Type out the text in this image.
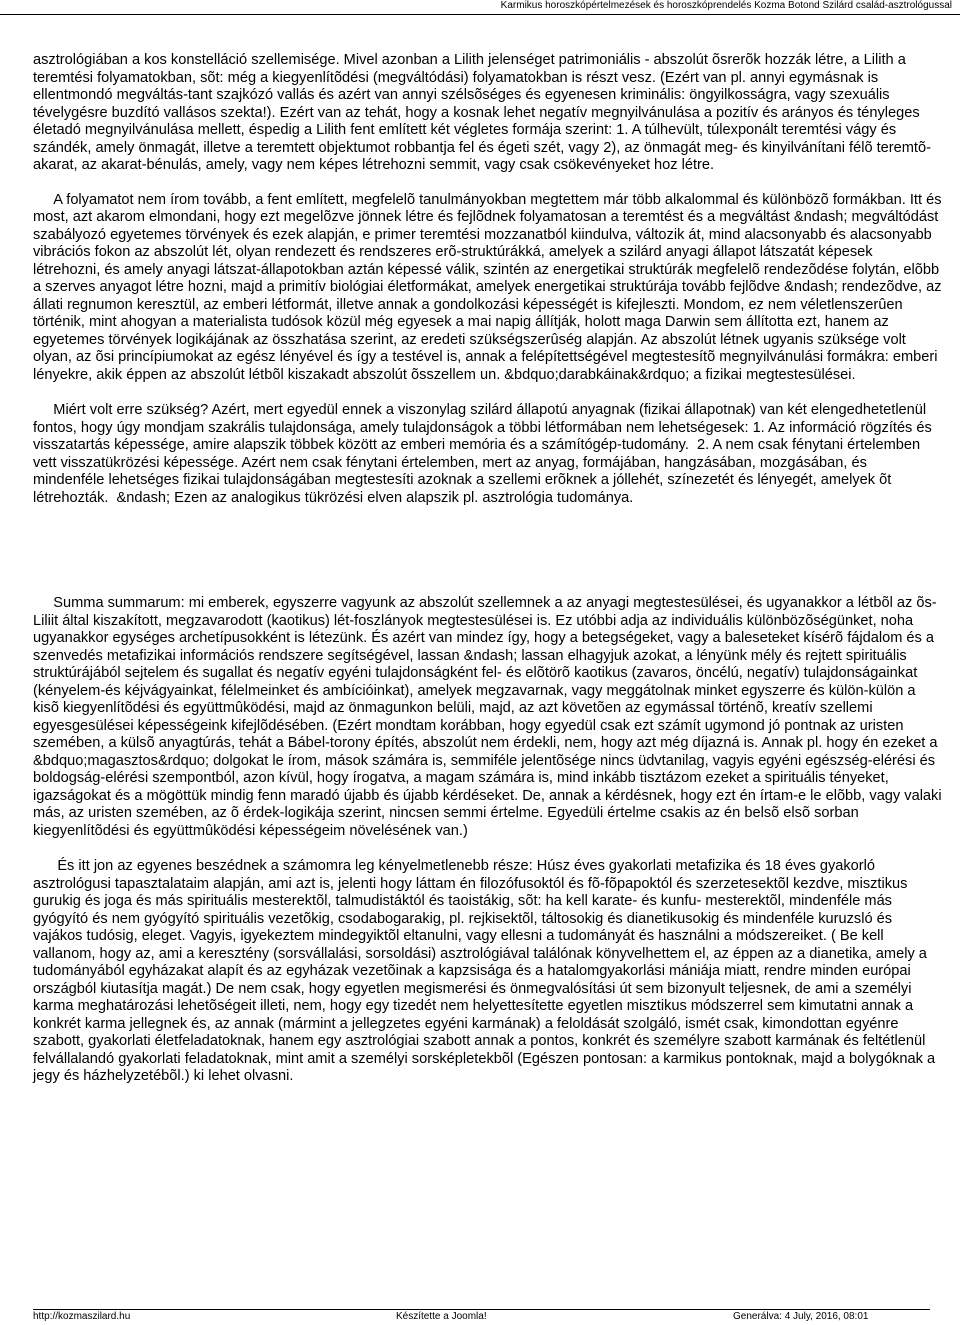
Karmikus horoszkópértelmezések és horoszkóprendelés Kozma Botond Szilárd család-asztrológussal

asztrológiában a kos konstelláció szellemisége. Mivel azonban a Lilith jelenséget patrimoniális - abszolút õsrerõk hozzák létre, a Lilith a teremtési folyamatokban, sõt: még a kiegyenlítõdési (megváltódási) folyamatokban is részt vesz. (Ezért van pl. annyi egymásnak is ellentmondó megváltás-tant szajkózó vallás és azért van annyi szélsõséges és egyenesen kriminális: öngyilkosságra, vagy szexuális tévelygésre buzdító vallásos szekta!). Ezért van az tehát, hogy a kosnak lehet negatív megnyilvánulása a pozitív és arányos és tényleges életadó megnyilvánulása mellett, éspedig a Lilith fent említett két végletes formája szerint: 1. A túlhevült, túlexponált teremtési vágy és szándék, amely önmagát, illetve a teremtett objektumot robbantja fel és égeti szét, vagy 2), az önmagát meg- és kinyilvánítani félõ teremtõ-akarat, az akarat-bénulás, amely, vagy nem képes létrehozni semmit, vagy csak csökevényeket hoz létre.

A folyamatot nem írom tovább, a fent említett, megfelelõ tanulmányokban megtettem már több alkalommal és különbözõ formákban. Itt és most, azt akarom elmondani, hogy ezt megelõzve jönnek létre és fejlõdnek folyamatosan a teremtést és a megváltást &ndash; megváltódást szabályozó egyetemes törvények és ezek alapján, e primer teremtési mozzanatból kiindulva, változik át, mind alacsonyabb és alacsonyabb vibrációs fokon az abszolút lét, olyan rendezett és rendszeres erõ-struktúrákká, amelyek a szilárd anyagi állapot látszatát képesek létrehozni, és amely anyagi látszat-állapotokban aztán képessé válik, szintén az energetikai struktúrák megfelelõ rendezõdése folytán, elõbb a szerves anyagot létre hozni, majd a primitív biológiai életformákat, amelyek energetikai struktúrája tovább fejlõdve &ndash; rendezõdve, az állati regnumon keresztül, az emberi létformát, illetve annak a gondolkozási képességét is kifejleszti. Mondom, ez nem véletlenszerûen történik, mint ahogyan a materialista tudósok közül még egyesek a mai napig állítják, holott maga Darwin sem állította ezt, hanem az egyetemes törvények logikájának az összhatása szerint, az eredeti szükségszerûség alapján. Az abszolút létnek ugyanis szüksége volt olyan, az õsi princípiumokat az egész lényével és így a testével is, annak a felépítettségével megtestesítõ megnyilvánulási formákra: emberi lényekre, akik éppen az abszolút létbõl kiszakadt abszolút õsszellem un. &bdquo;darabkáinak&rdquo; a fizikai megtestesülései.

Miért volt erre szükség? Azért, mert egyedül ennek a viszonylag szilárd állapotú anyagnak (fizikai állapotnak) van két elengedhetetlenül fontos, hogy úgy mondjam szakrális tulajdonsága, amely tulajdonságok a többi létformában nem lehetségesek: 1. Az információ rögzítés és visszatartás képessége, amire alapszik többek között az emberi memória és a számítógép-tudomány.  2. A nem csak fénytani értelemben vett visszatükrözési képessége. Azért nem csak fénytani értelemben, mert az anyag, formájában, hangzásában, mozgásában, és mindenféle lehetséges fizikai tulajdonságában megtestesíti azoknak a szellemi erõknek a jóllehét, színezetét és lényegét, amelyek õt létrehozták.  &ndash; Ezen az analogikus tükrözési elven alapszik pl. asztrológia tudománya.

Summa summarum: mi emberek, egyszerre vagyunk az abszolút szellemnek a az anyagi megtestesülései, és ugyanakkor a létbõl az õs-Liliit által kiszakított, megzavarodott (kaotikus) lét-foszlányok megtestesülései is. Ez utóbbi adja az individuális különbözõségünket, noha ugyanakkor egységes archetípusokként is létezünk. És azért van mindez így, hogy a betegségeket, vagy a baleseteket kísérõ fájdalom és a szenvedés metafizikai információs rendszere segítségével, lassan &ndash; lassan elhagyjuk azokat, a lényünk mély és rejtett spirituális struktúrájából sejtelem és sugallat és negatív egyéni tulajdonságként fel- és elõtörõ kaotikus (zavaros, öncélú, negatív) tulajdonságainkat (kényelem-és kéjvágyainkat, félelmeinket és ambícióinkat), amelyek megzavarnak, vagy meggátolnak minket egyszerre és külön-külön a kisõ kiegyenlítõdési és együttmûködési, majd az önmagunkon belüli, majd, az azt követõen az egymással történõ, kreatív szellemi egyesgesülései képességeink kifejlõdésében. (Ezért mondtam korábban, hogy egyedül csak ezt számít ugymond jó pontnak az uristen szemében, a külsõ anyagtúrás, tehát a Bábel-torony építés, abszolút nem érdekli, nem, hogy azt még díjazná is. Annak pl. hogy én ezeket a &bdquo;magasztos&rdquo; dolgokat le írom, mások számára is, semmiféle jelentõsége nincs üdvtanilag, vagyis egyéni egészség-elérési és boldogság-elérési szempontból, azon kívül, hogy írogatva, a magam számára is, mind inkább tisztázom ezeket a spirituális tényeket, igazságokat és a mögöttük mindig fenn maradó újabb és újabb kérdéseket. De, annak a kérdésnek, hogy ezt én írtam-e le elõbb, vagy valaki más, az uristen szemében, az õ érdek-logikája szerint, nincsen semmi értelme. Egyedüli értelme csakis az én belsõ elsõ sorban kiegyenlítõdési és együttmûködési képességeim növelésének van.)

És itt jon az egyenes beszédnek a számomra leg kényelmetlenebb része: Húsz éves gyakorlati metafizika és 18 éves gyakorló asztrológusi tapasztalataim alapján, ami azt is, jelenti hogy láttam én filozófusoktól és fõ-fõpapoktól és szerzetesektõl kezdve, misztikus gurukig és joga és más spirituális mesterektõl, talmudistáktól és taoistákig, sõt: ha kell karate- és kunfu- mesterektõl, mindenféle más gyógyító és nem gyógyító spirituális vezetõkig, csodabogarakig, pl. rejkisektõl, táltosokig és dianetikusokig és mindenféle kuruzsló és vajákos tudósig, eleget. Vagyis, igyekeztem mindegyiktõl eltanulni, vagy ellesni a tudományát és használni a módszereiket. ( Be kell vallanom, hogy az, ami a keresztény (sorsvállalási, sorsoldási) asztrológiával találónak könyvelhettem el, az éppen az a dianetika, amely a tudományából egyházakat alapít és az egyházak vezetõinak a kapzsisága és a hatalomgyakorlási mániája miatt, rendre minden európai országból kiutasítja magát.) De nem csak, hogy egyetlen megismerési és önmegvalósítási út sem bizonyult teljesnek, de ami a személyi karma meghatározási lehetõségeit illeti, nem, hogy egy tizedét nem helyettesítette egyetlen misztikus módszerrel sem kimutatni annak a konkrét karma jellegnek és, az annak (mármint a jellegzetes egyéni karmának) a feloldását szolgáló, ismét csak, kimondottan egyénre szabott, gyakorlati életfeladatoknak, hanem egy asztrológiai szabott annak a pontos, konkrét és személyre szabott karmának és feltétlenül felvállalandó gyakorlati feladatoknak, mint amit a személyi sorsképletekbõl (Egészen pontosan: a karmikus pontoknak, majd a bolygóknak a jegy és házhelyzetébõl.) ki lehet olvasni.

http://kozmaszilard.hu	Készítette a Joomla!	Generálva: 4 July, 2016, 08:01
